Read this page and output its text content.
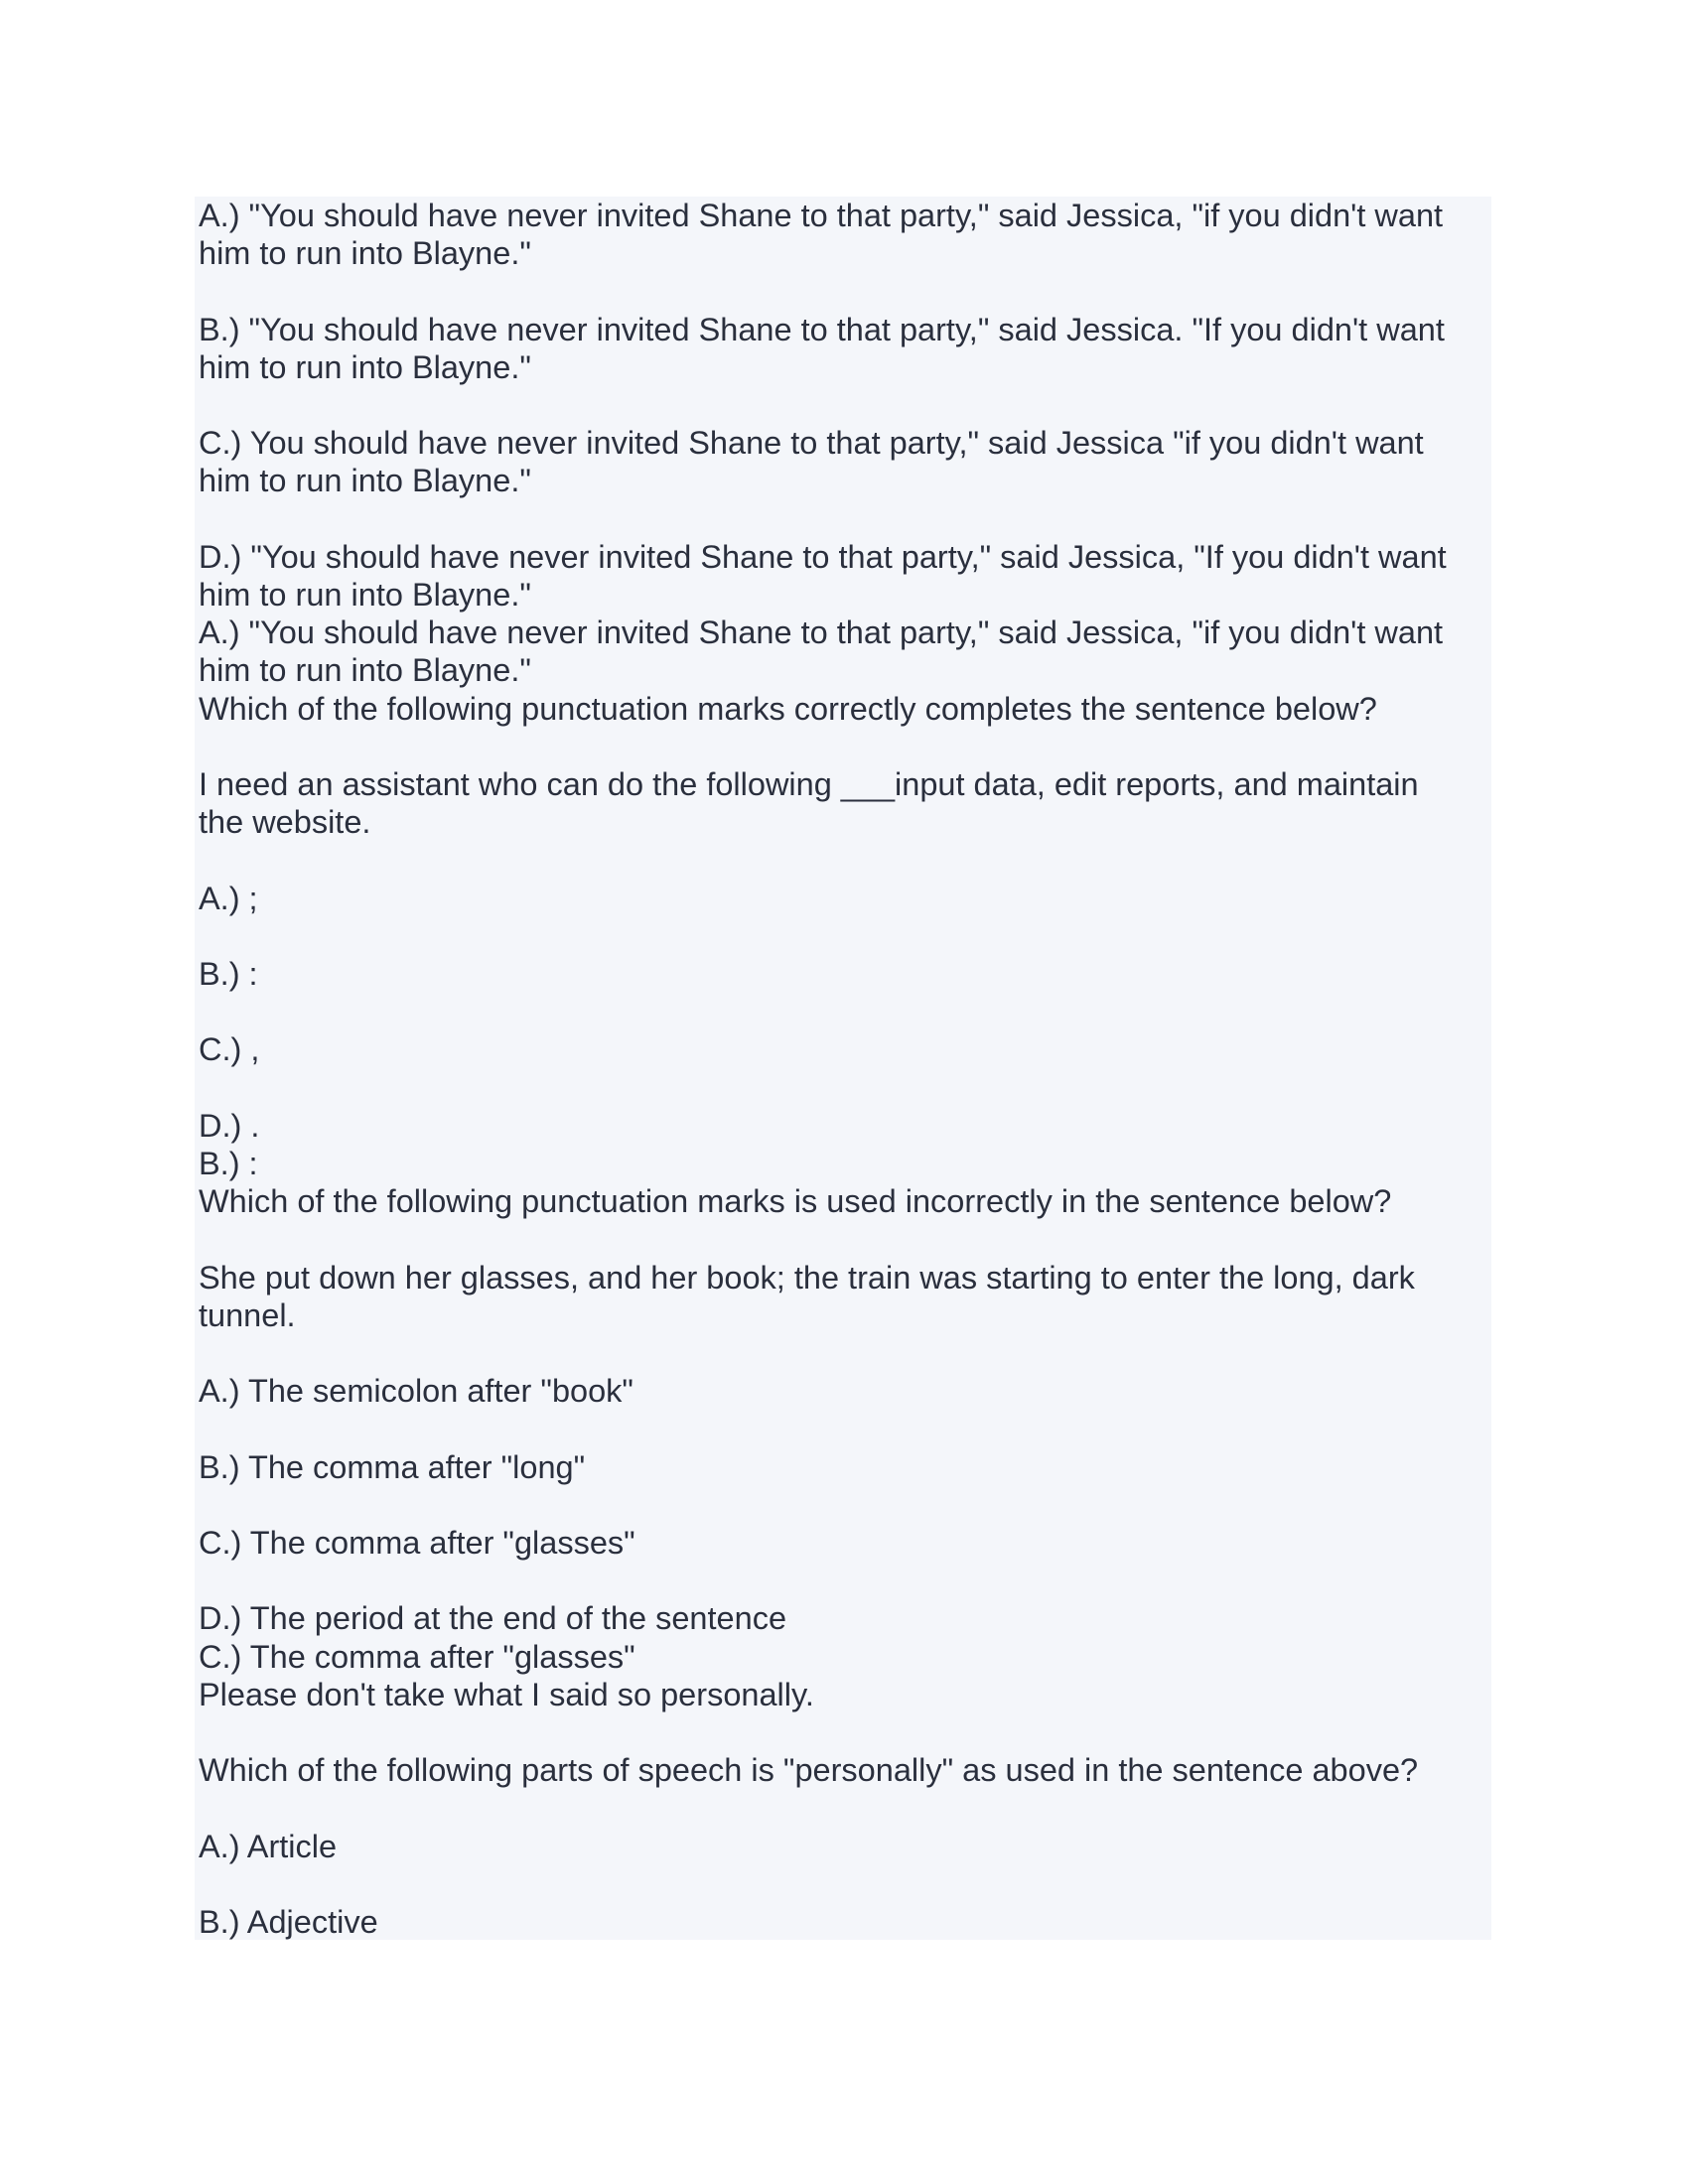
A.) "You should have never invited Shane to that party," said Jessica, "if you didn't want
him to run into Blayne."
B.) "You should have never invited Shane to that party," said Jessica. "If you didn't want
him to run into Blayne."
C.) You should have never invited Shane to that party," said Jessica "if you didn't want
him to run into Blayne."
D.) "You should have never invited Shane to that party," said Jessica, "If you didn't want
him to run into Blayne."
A.) "You should have never invited Shane to that party," said Jessica, "if you didn't want
him to run into Blayne."
Which of the following punctuation marks correctly completes the sentence below?
I need an assistant who can do the following ___input data, edit reports, and maintain
the website.
A.) ;
B.) :
C.) ,
D.) .
B.) :
Which of the following punctuation marks is used incorrectly in the sentence below?
She put down her glasses, and her book; the train was starting to enter the long, dark
tunnel.
A.) The semicolon after "book"
B.) The comma after "long"
C.) The comma after "glasses"
D.) The period at the end of the sentence
C.) The comma after "glasses"
Please don't take what I said so personally.
Which of the following parts of speech is "personally" as used in the sentence above?
A.) Article
B.) Adjective
